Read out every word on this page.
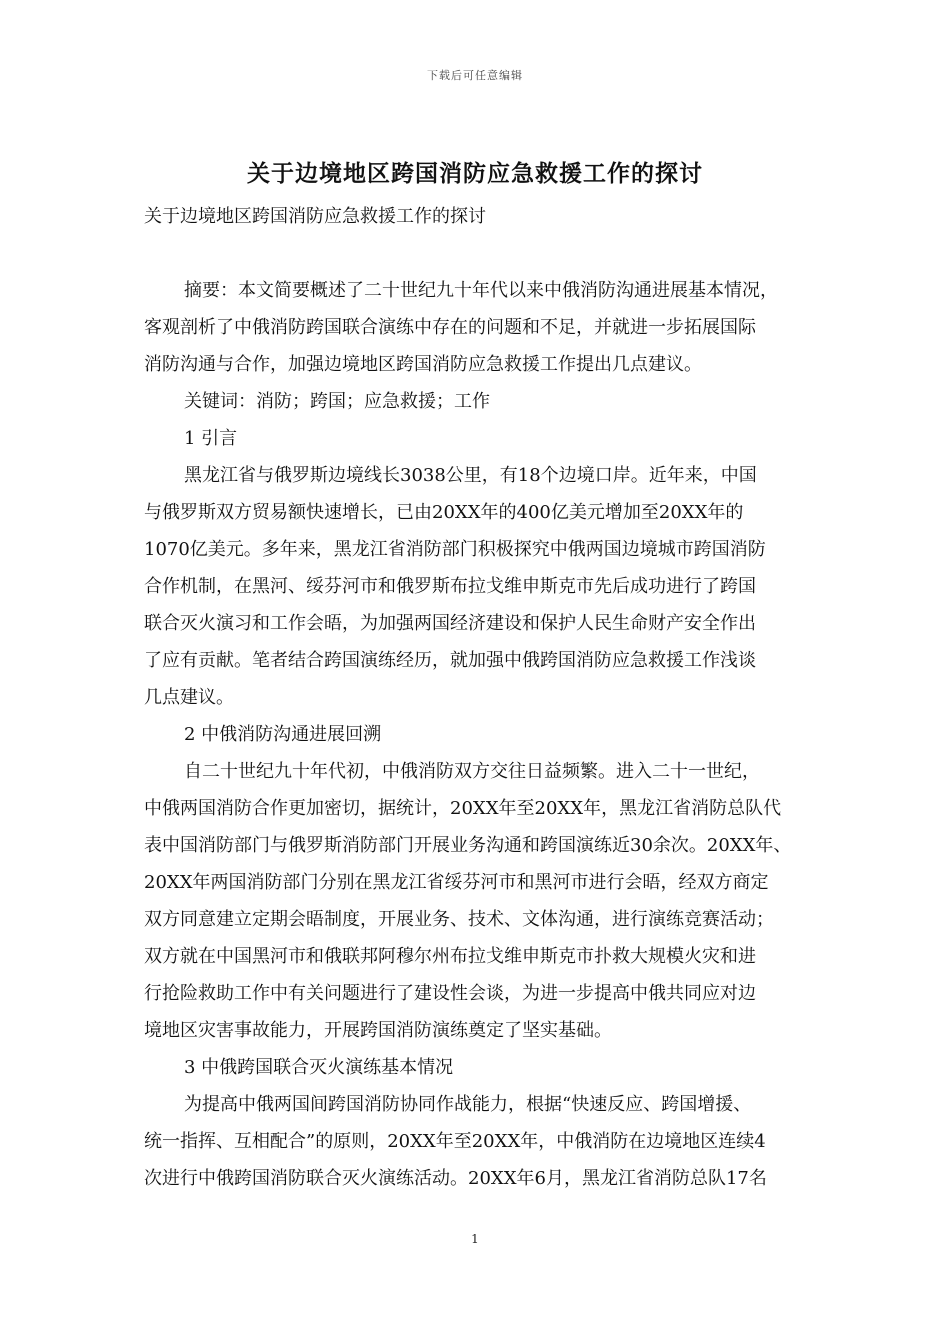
下载后可任意编辑
关于边境地区跨国消防应急救援工作的探讨
关于边境地区跨国消防应急救援工作的探讨
摘要：本文简要概述了二十世纪九十年代以来中俄消防沟通进展基本情况，
客观剖析了中俄消防跨国联合演练中存在的问题和不足，并就进一步拓展国际
消防沟通与合作，加强边境地区跨国消防应急救援工作提出几点建议。
关键词：消防；跨国；应急救援；工作
1 引言
黑龙江省与俄罗斯边境线长3038公里，有18个边境口岸。近年来，中国
与俄罗斯双方贸易额快速增长，已由20XX年的400亿美元增加至20XX年的
1070亿美元。多年来，黑龙江省消防部门积极探究中俄两国边境城市跨国消防
合作机制，在黑河、绥芬河市和俄罗斯布拉戈维申斯克市先后成功进行了跨国
联合灭火演习和工作会晤，为加强两国经济建设和保护人民生命财产安全作出
了应有贡献。笔者结合跨国演练经历，就加强中俄跨国消防应急救援工作浅谈
几点建议。
2 中俄消防沟通进展回溯
自二十世纪九十年代初，中俄消防双方交往日益频繁。进入二十一世纪，
中俄两国消防合作更加密切，据统计，20XX年至20XX年，黑龙江省消防总队代
表中国消防部门与俄罗斯消防部门开展业务沟通和跨国演练近30余次。20XX年、
20XX年两国消防部门分别在黑龙江省绥芬河市和黑河市进行会晤，经双方商定
双方同意建立定期会晤制度，开展业务、技术、文体沟通，进行演练竞赛活动；
双方就在中国黑河市和俄联邦阿穆尔州布拉戈维申斯克市扑救大规模火灾和进
行抢险救助工作中有关问题进行了建设性会谈，为进一步提高中俄共同应对边
境地区灾害事故能力，开展跨国消防演练奠定了坚实基础。
3 中俄跨国联合灭火演练基本情况
为提高中俄两国间跨国消防协同作战能力，根据“快速反应、跨国增援、
统一指挥、互相配合”的原则，20XX年至20XX年，中俄消防在边境地区连续4
次进行中俄跨国消防联合灭火演练活动。20XX年6月，黑龙江省消防总队17名
1
